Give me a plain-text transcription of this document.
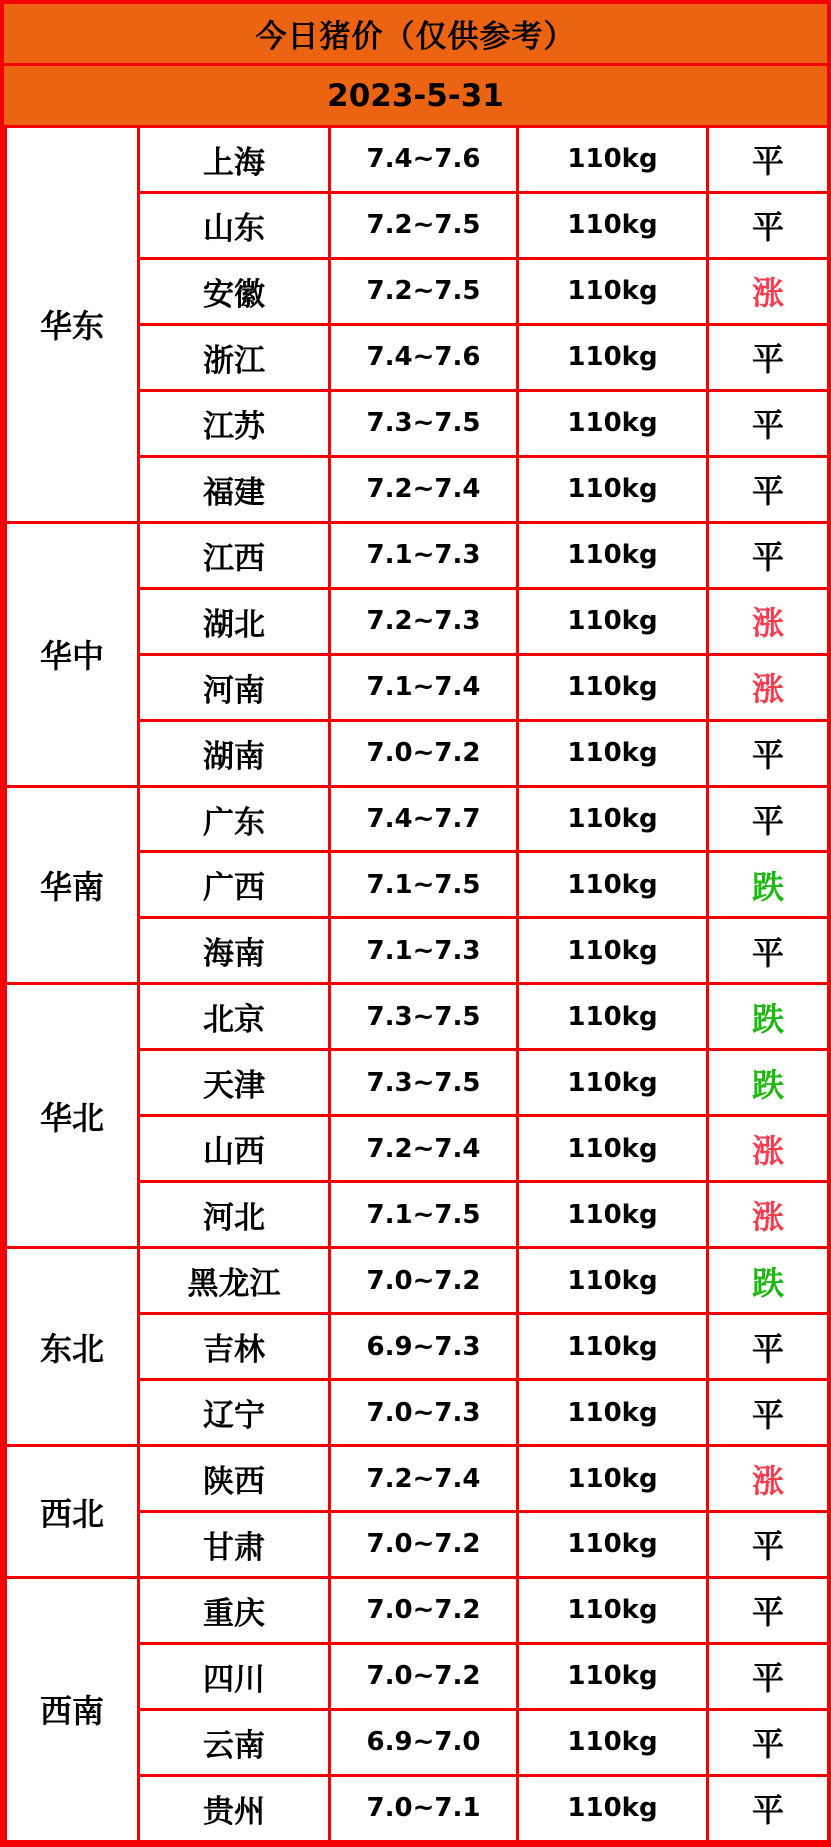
今日猪价（仅供参考）
2023-5-31
华东	上海	7.4~7.6	110kg	平
	山东	7.2~7.5	110kg	平
	安徽	7.2~7.5	110kg	涨
	浙江	7.4~7.6	110kg	平
	江苏	7.3~7.5	110kg	平
	福建	7.2~7.4	110kg	平
华中	江西	7.1~7.3	110kg	平
	湖北	7.2~7.3	110kg	涨
	河南	7.1~7.4	110kg	涨
	湖南	7.0~7.2	110kg	平
华南	广东	7.4~7.7	110kg	平
	广西	7.1~7.5	110kg	跌
	海南	7.1~7.3	110kg	平
华北	北京	7.3~7.5	110kg	跌
	天津	7.3~7.5	110kg	跌
	山西	7.2~7.4	110kg	涨
	河北	7.1~7.5	110kg	涨
东北	黑龙江	7.0~7.2	110kg	跌
	吉林	6.9~7.3	110kg	平
	辽宁	7.0~7.3	110kg	平
西北	陕西	7.2~7.4	110kg	涨
	甘肃	7.0~7.2	110kg	平
西南	重庆	7.0~7.2	110kg	平
	四川	7.0~7.2	110kg	平
	云南	6.9~7.0	110kg	平
	贵州	7.0~7.1	110kg	平
